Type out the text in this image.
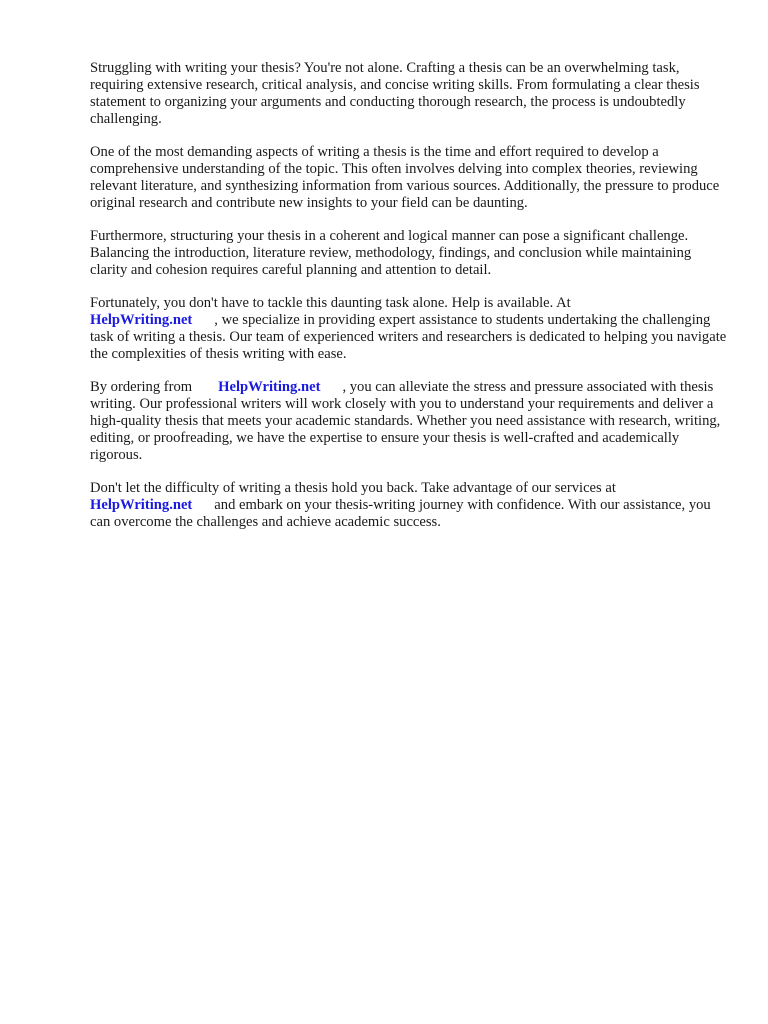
Struggling with writing your thesis? You're not alone. Crafting a thesis can be an overwhelming task, requiring extensive research, critical analysis, and concise writing skills. From formulating a clear thesis statement to organizing your arguments and conducting thorough research, the process is undoubtedly challenging.

One of the most demanding aspects of writing a thesis is the time and effort required to develop a comprehensive understanding of the topic. This often involves delving into complex theories, reviewing relevant literature, and synthesizing information from various sources. Additionally, the pressure to produce original research and contribute new insights to your field can be daunting.

Furthermore, structuring your thesis in a coherent and logical manner can pose a significant challenge. Balancing the introduction, literature review, methodology, findings, and conclusion while maintaining clarity and cohesion requires careful planning and attention to detail.

Fortunately, you don't have to tackle this daunting task alone. Help is available. At
HelpWriting.net , we specialize in providing expert assistance to students undertaking the challenging task of writing a thesis. Our team of experienced writers and researchers is dedicated to helping you navigate the complexities of thesis writing with ease.

By ordering from HelpWriting.net , you can alleviate the stress and pressure associated with thesis writing. Our professional writers will work closely with you to understand your requirements and deliver a high-quality thesis that meets your academic standards. Whether you need assistance with research, writing, editing, or proofreading, we have the expertise to ensure your thesis is well-crafted and academically rigorous.

Don't let the difficulty of writing a thesis hold you back. Take advantage of our services at
HelpWriting.net and embark on your thesis-writing journey with confidence. With our assistance, you can overcome the challenges and achieve academic success.
